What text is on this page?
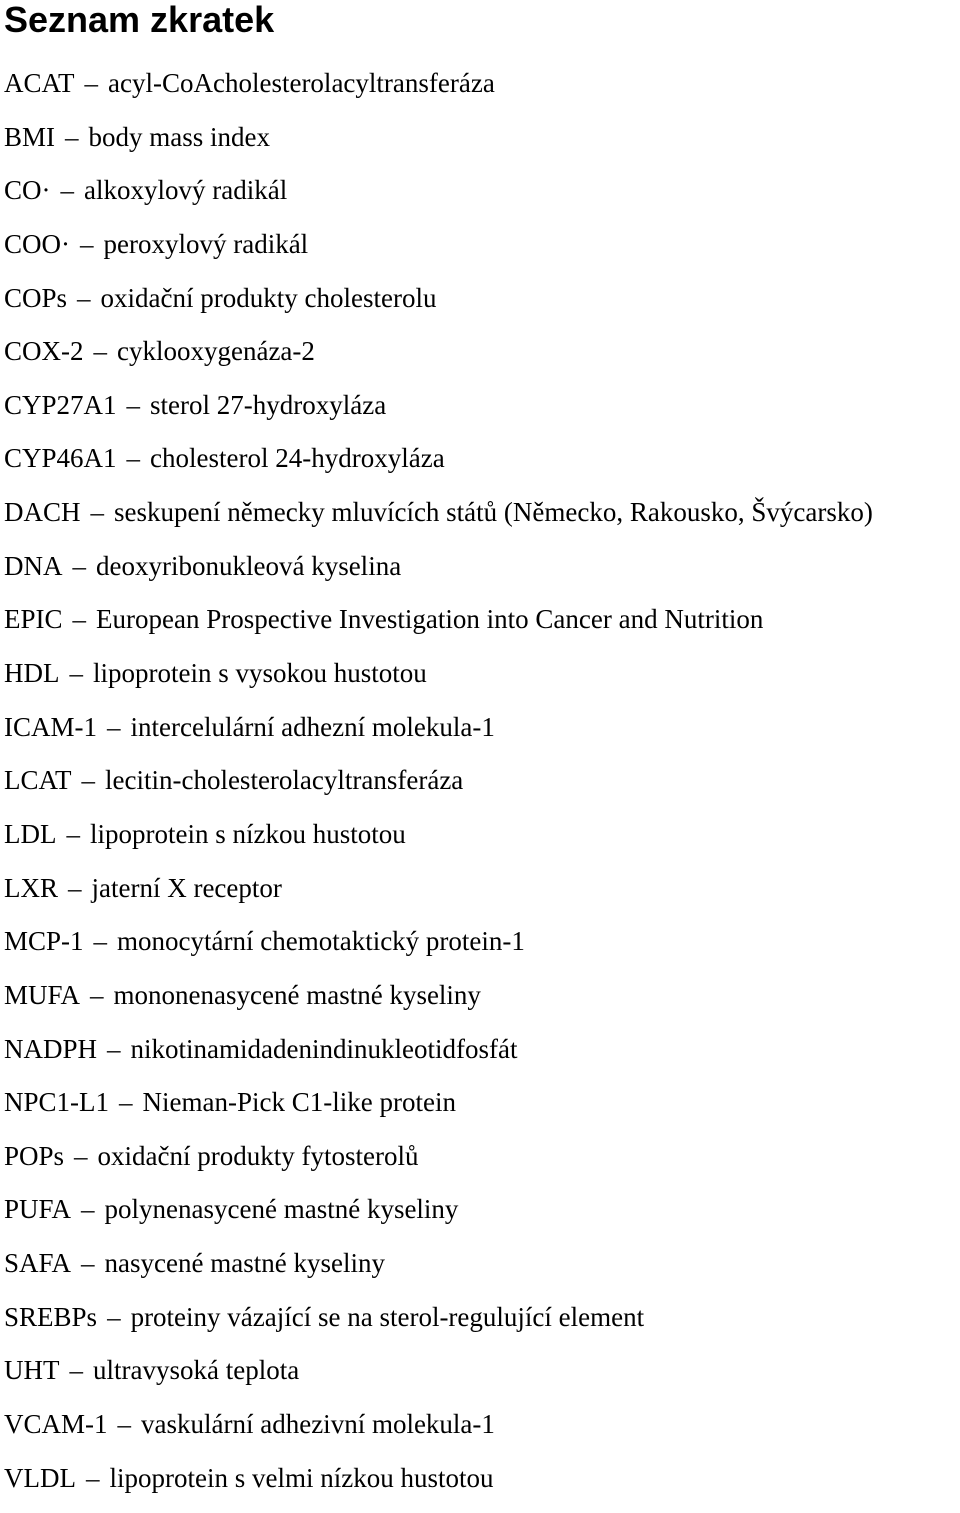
Seznam zkratek
ACAT – acyl-CoAcholesterolacyltransferáza
BMI – body mass index
CO· – alkoxylový radikál
COO· – peroxylový radikál
COPs – oxidační produkty cholesterolu
COX-2 – cyklooxygenáza-2
CYP27A1 – sterol 27-hydroxyláza
CYP46A1 – cholesterol 24-hydroxyláza
DACH – seskupení německy mluvících států (Německo, Rakousko, Švýcarsko)
DNA – deoxyribonukleová kyselina
EPIC – European Prospective Investigation into Cancer and Nutrition
HDL – lipoprotein s vysokou hustotou
ICAM-1 – intercelulární adhezní molekula-1
LCAT – lecitin-cholesterolacyltransferáza
LDL – lipoprotein s nízkou hustotou
LXR – jaterní X receptor
MCP-1 – monocytární chemotaktický protein-1
MUFA – mononenasycené mastné kyseliny
NADPH – nikotinamidadenindinukleotidfosfát
NPC1-L1 – Nieman-Pick C1-like protein
POPs – oxidační produkty fytosterolů
PUFA – polynenasycené mastné kyseliny
SAFA – nasycené mastné kyseliny
SREBPs – proteiny vázající se na sterol-regulující element
UHT – ultravysoká teplota
VCAM-1 – vaskulární adhezivní molekula-1
VLDL – lipoprotein s velmi nízkou hustotou
